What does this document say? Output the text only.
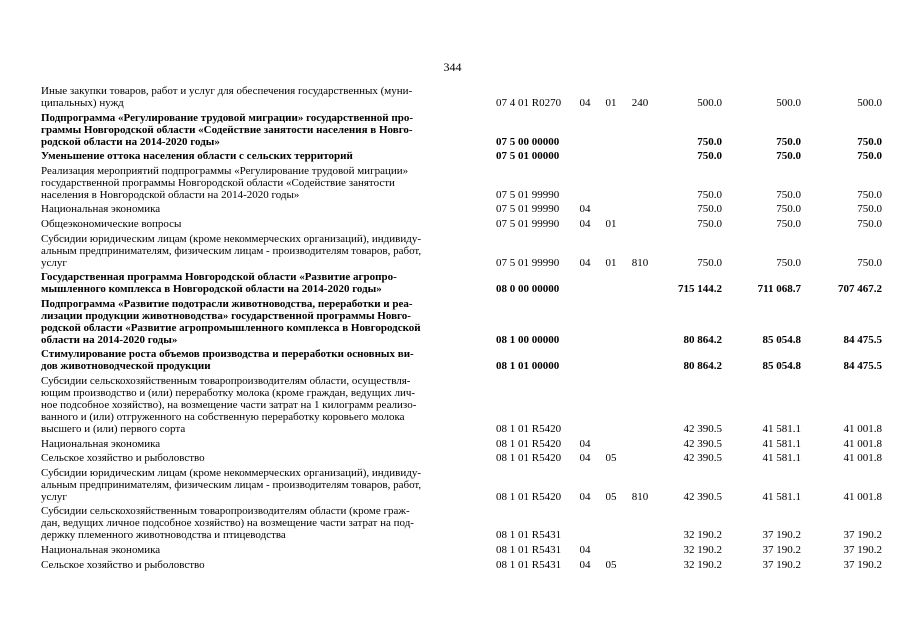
344
Иные закупки товаров, работ и услуг для обеспечения государственных (муни-
ципальных) нужд	07 4 01 R0270 04 01	240	500.0	500.0	500.0
Подпрограмма «Регулирование трудовой миграции» государственной про-
граммы Новгородской области «Содействие занятости населения в Новго-
родской области на 2014-2020 годы»	07 5 00 00000	750.0	750.0	750.0
Уменьшение оттока населения области с сельских территорий	07 5 01 00000	750.0	750.0	750.0
Реализация мероприятий подпрограммы «Регулирование трудовой миграции»
государственной программы Новгородской области «Содействие занятости
населения в Новгородской области на 2014-2020 годы»	07 5 01 99990	750.0	750.0	750.0
Национальная экономика	07 5 01 99990 04	750.0	750.0	750.0
Общеэкономические вопросы	07 5 01 99990 04 01	750.0	750.0	750.0
Субсидии юридическим лицам (кроме некоммерческих организаций), индивиду-
альным предпринимателям, физическим лицам - производителям товаров, работ,
услуг	07 5 01 99990 04 01	810	750.0	750.0	750.0
Государственная программа Новгородской области «Развитие агропро-
мышленного комплекса в Новгородской области на 2014-2020 годы»	08 0 00 00000	715 144.2	711 068.7	707 467.2
Подпрограмма «Развитие подотрасли животноводства, переработки и реа-
лизации продукции животноводства» государственной программы Новго-
родской области «Развитие агропромышленного комплекса в Новгородской
области на 2014-2020 годы»	08 1 00 00000	80 864.2	85 054.8	84 475.5
Стимулирование роста объемов производства и переработки основных ви-
дов животноводческой продукции	08 1 01 00000	80 864.2	85 054.8	84 475.5
Субсидии сельскохозяйственным товаропроизводителям области, осуществля-
ющим производство и (или) переработку молока (кроме граждан, ведущих лич-
ное подсобное хозяйство), на возмещение части затрат на 1 килограмм реализо-
ванного и (или) отгруженного на собственную переработку коровьего молока
высшего и (или) первого сорта	08 1 01 R5420	42 390.5	41 581.1	41 001.8
Национальная экономика	08 1 01 R5420 04	42 390.5	41 581.1	41 001.8
Сельское хозяйство и рыболовство	08 1 01 R5420 04 05	42 390.5	41 581.1	41 001.8
Субсидии юридическим лицам (кроме некоммерческих организаций), индивиду-
альным предпринимателям, физическим лицам - производителям товаров, работ,
услуг	08 1 01 R5420 04 05	810	42 390.5	41 581.1	41 001.8
Субсидии сельскохозяйственным товаропроизводителям области (кроме граж-
дан, ведущих личное подсобное хозяйство) на возмещение части затрат на под-
держку племенного животноводства и птицеводства	08 1 01 R5431	32 190.2	37 190.2	37 190.2
Национальная экономика	08 1 01 R5431 04	32 190.2	37 190.2	37 190.2
Сельское хозяйство и рыболовство	08 1 01 R5431 04 05	32 190.2	37 190.2	37 190.2
